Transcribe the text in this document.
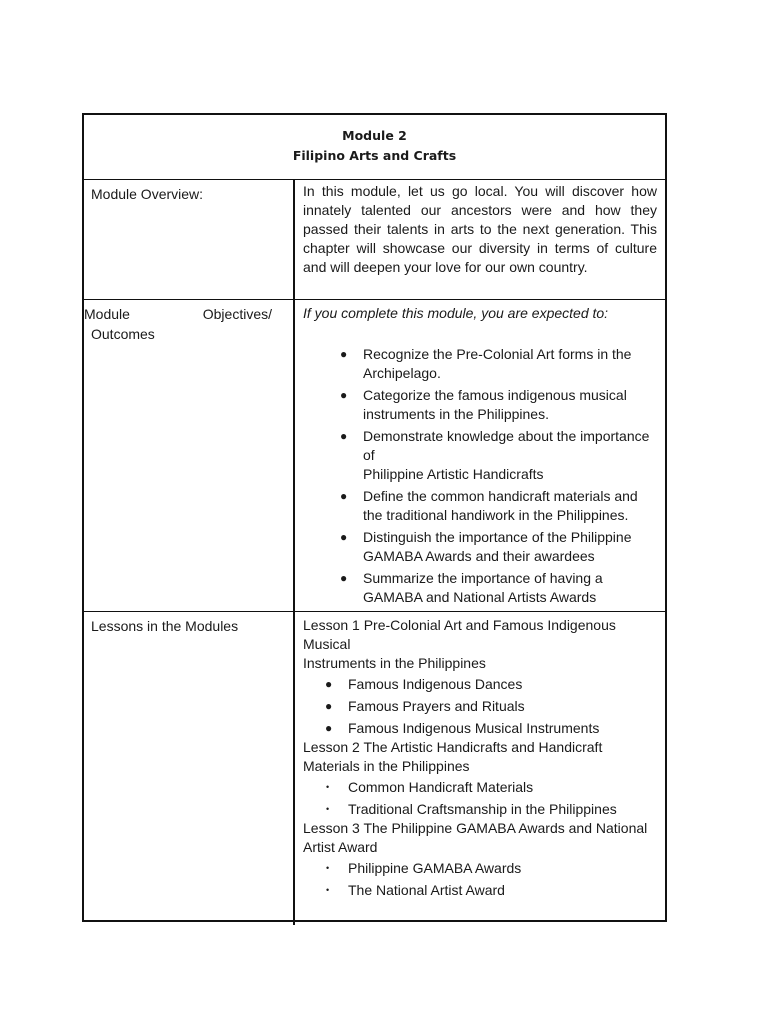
Module 2
Filipino Arts and Crafts
Module Overview:	In this module, let us go local. You will discover how innately talented our ancestors were and how they passed their talents in arts to the next generation. This chapter will showcase our diversity in terms of culture and will deepen your love for our own country.
Module Objectives/
Outcomes
If you complete this module, you are expected to:
● Recognize the Pre-Colonial Art forms in the Archipelago.
● Categorize the famous indigenous musical instruments in the Philippines.
● Demonstrate knowledge about the importance of
Philippine Artistic Handicrafts
● Define the common handicraft materials and the traditional handiwork in the Philippines.
● Distinguish the importance of the Philippine GAMABA Awards and their awardees
● Summarize the importance of having a GAMABA and National Artists Awards
Lessons in the Modules	Lesson 1 Pre-Colonial Art and Famous Indigenous Musical
Instruments in the Philippines
● Famous Indigenous Dances
● Famous Prayers and Rituals
● Famous Indigenous Musical Instruments
Lesson 2 The Artistic Handicrafts and Handicraft Materials in the Philippines
• Common Handicraft Materials
• Traditional Craftsmanship in the Philippines
Lesson 3 The Philippine GAMABA Awards and National Artist Award
• Philippine GAMABA Awards
• The National Artist Award
